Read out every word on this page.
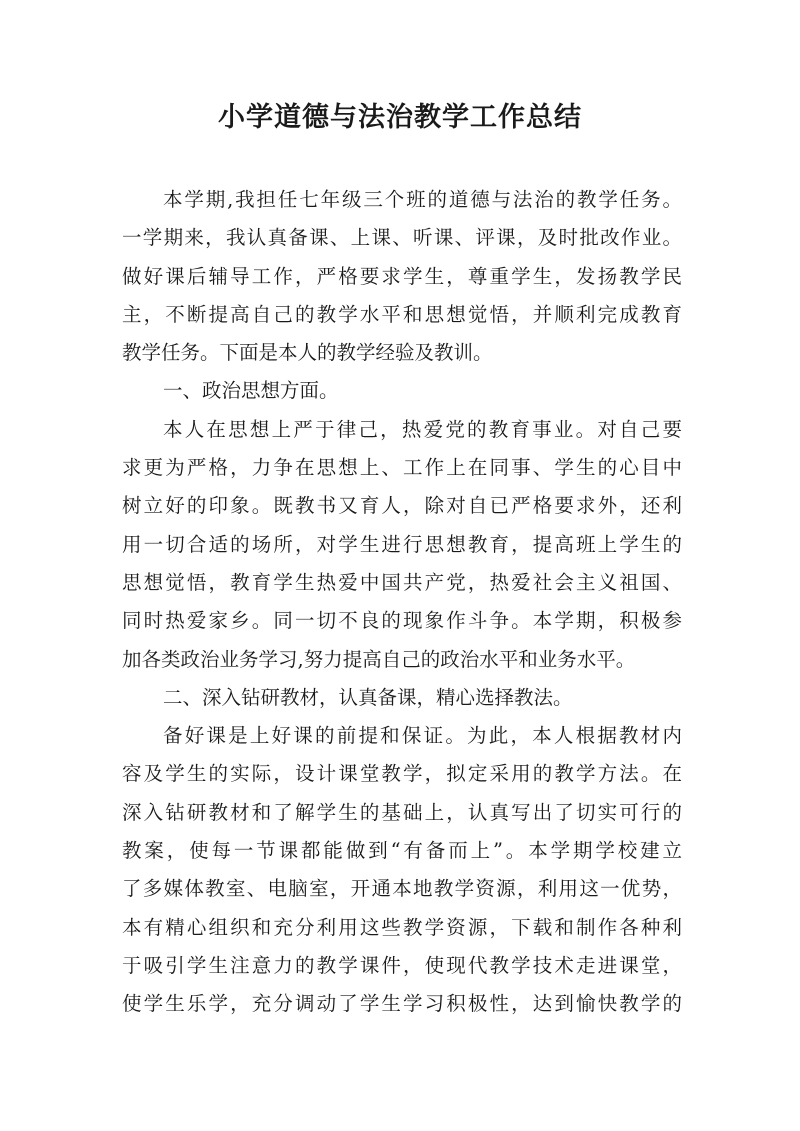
小学道德与法治教学工作总结
本学期,我担任七年级三个班的道德与法治的教学任务。
一学期来，我认真备课、上课、听课、评课，及时批改作业。
做好课后辅导工作，严格要求学生，尊重学生，发扬教学民
主，不断提高自己的教学水平和思想觉悟，并顺利完成教育
教学任务。下面是本人的教学经验及教训。
一、政治思想方面。
本人在思想上严于律己，热爱党的教育事业。对自己要
求更为严格，力争在思想上、工作上在同事、学生的心目中
树立好的印象。既教书又育人，除对自已严格要求外，还利
用一切合适的场所，对学生进行思想教育，提高班上学生的
思想觉悟，教育学生热爱中国共产党，热爱社会主义祖国、
同时热爱家乡。同一切不良的现象作斗争。本学期，积极参
加各类政治业务学习,努力提高自己的政治水平和业务水平。
二、深入钻研教材，认真备课，精心选择教法。
备好课是上好课的前提和保证。为此，本人根据教材内
容及学生的实际，设计课堂教学，拟定采用的教学方法。在
深入钻研教材和了解学生的基础上，认真写出了切实可行的
教案，使每一节课都能做到“有备而上”。本学期学校建立
了多媒体教室、电脑室，开通本地教学资源，利用这一优势，
本有精心组织和充分利用这些教学资源，下载和制作各种利
于吸引学生注意力的教学课件，使现代教学技术走进课堂，
使学生乐学，充分调动了学生学习积极性，达到愉快教学的
